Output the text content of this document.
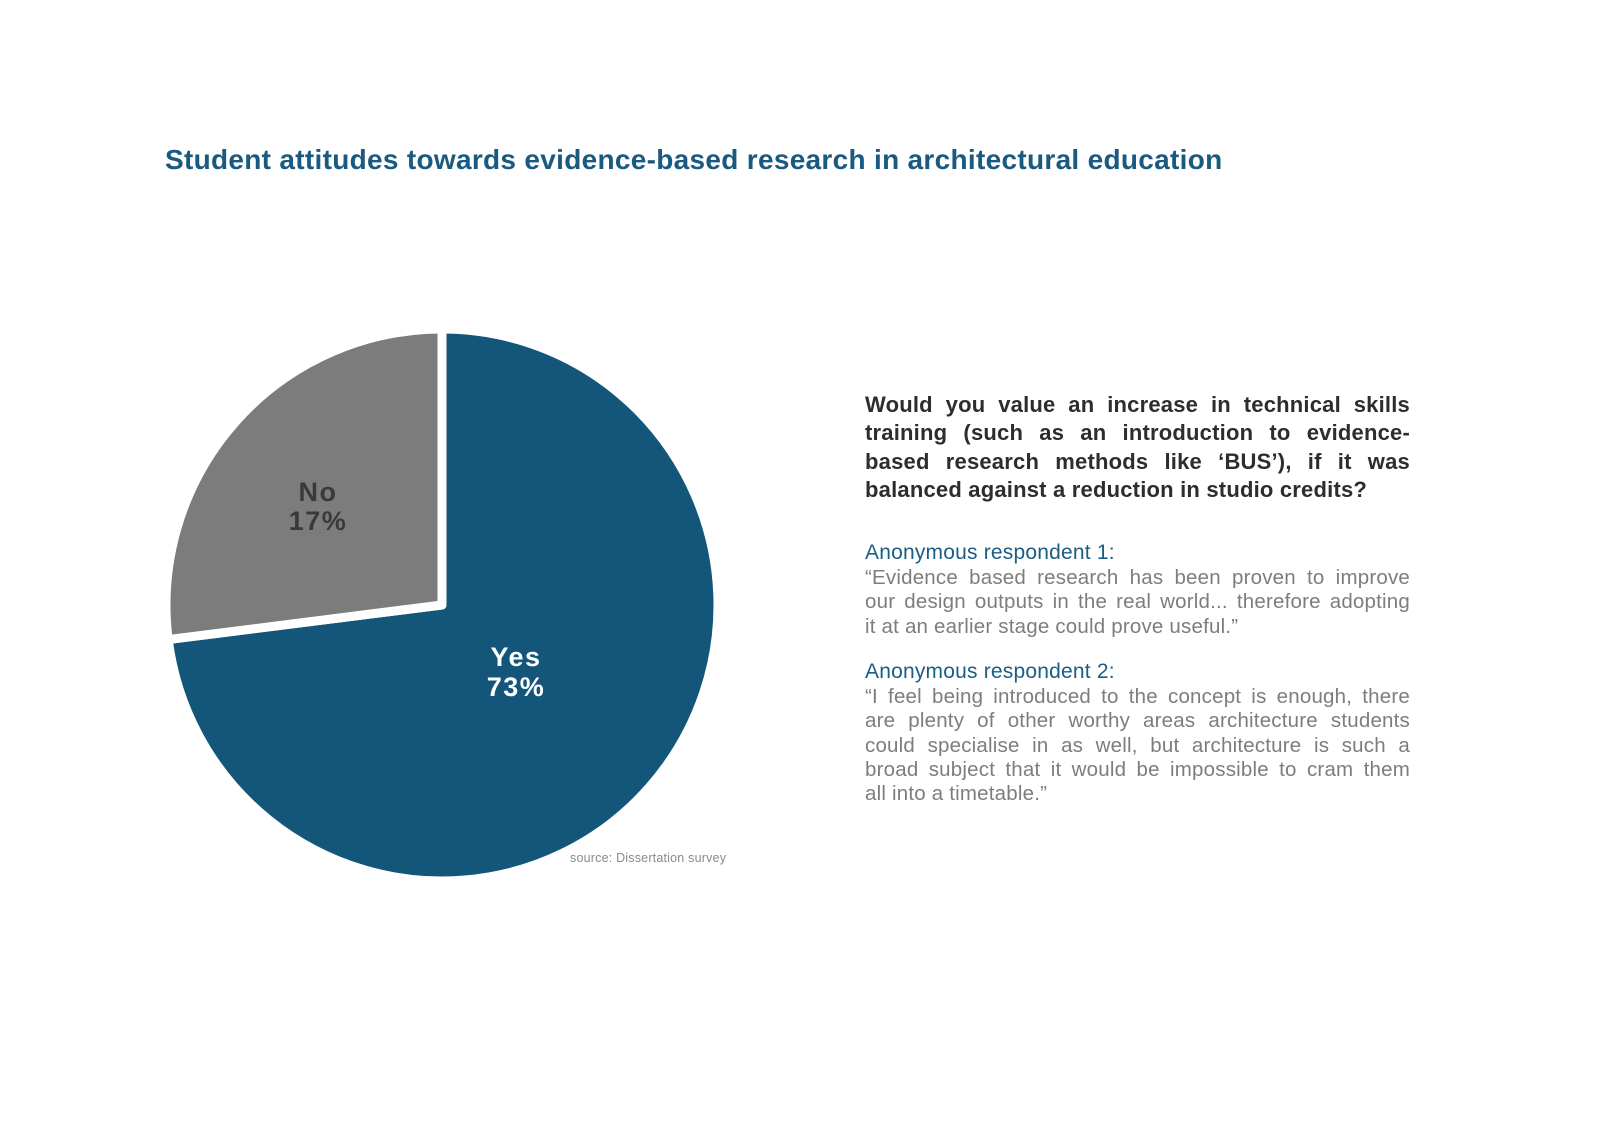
Student attitudes towards evidence-based research in architectural education
Yes
73%
No
17%
source: Dissertation survey
Would you value an increase in technical skills
training (such as an introduction to evidence-
based research methods like ‘BUS’), if it was
balanced against a reduction in studio credits?
Anonymous respondent 1:
“Evidence based research has been proven to improve
our design outputs in the real world... therefore adopting
it at an earlier stage could prove useful.”
Anonymous respondent 2:
“I feel being introduced to the concept is enough, there
are plenty of other worthy areas architecture students
could specialise in as well, but architecture is such a
broad subject that it would be impossible to cram them
all into a timetable.”
